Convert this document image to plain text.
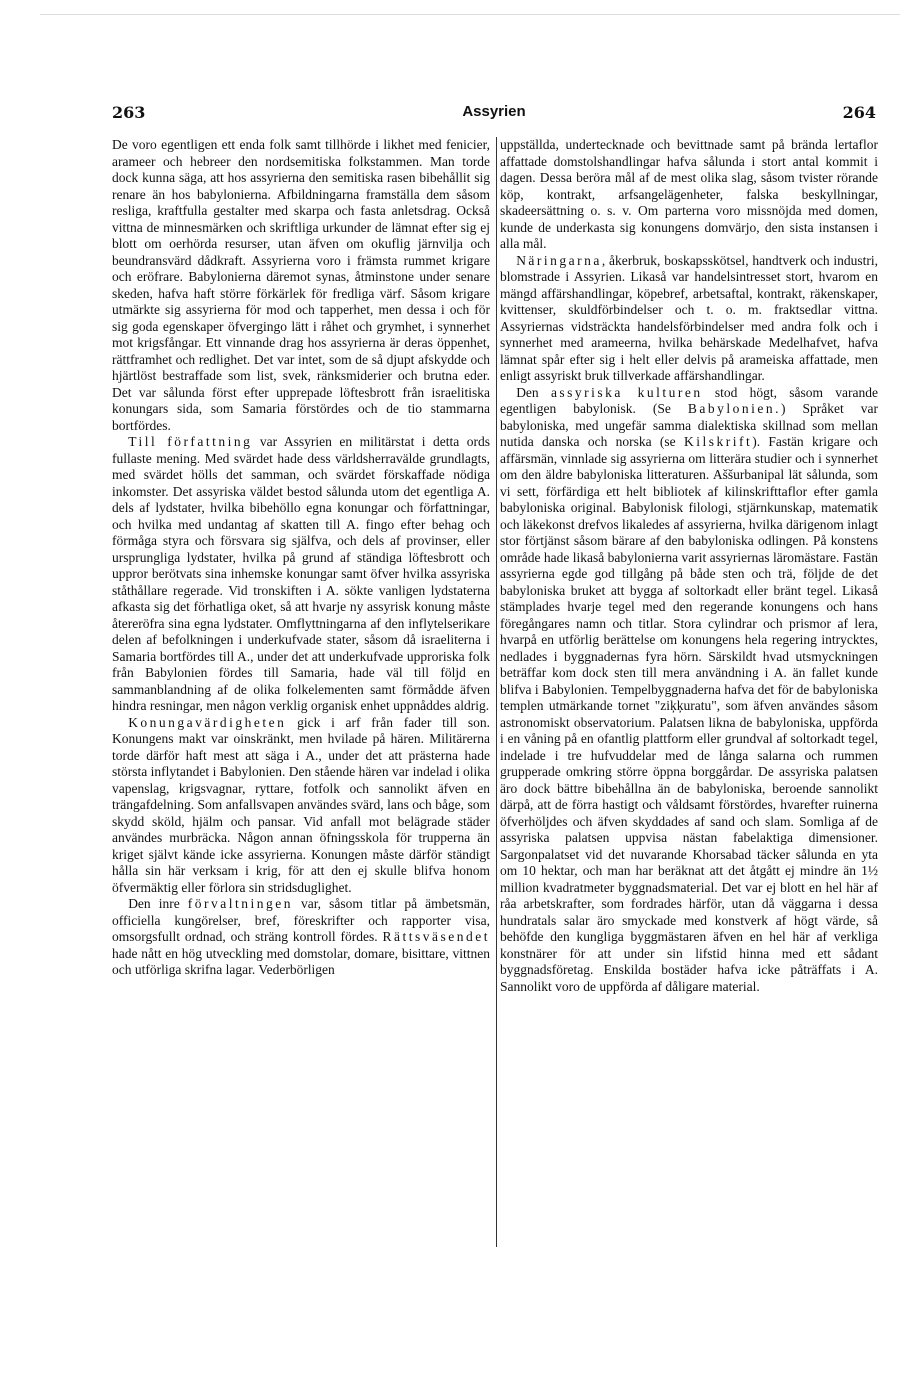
263	Assyrien	264

De voro egentligen ett enda folk samt tillhörde i likhet med fenicier, arameer och hebreer den nordsemitiska folkstammen. Man torde dock kunna säga, att hos assyrierna den semitiska rasen bibehållit sig renare än hos babylonierna. Afbildningarna framställa dem såsom resliga, kraftfulla gestalter med skarpa och fasta anletsdrag. Också vittna de minnesmärken och skriftliga urkunder de lämnat efter sig ej blott om oerhörda resurser, utan äfven om okuflig järnvilja och beundransvärd dådkraft. Assyrierna voro i främsta rummet krigare och eröfrare. Babylonierna däremot synas, åtminstone under senare skeden, hafva haft större förkärlek för fredliga värf. Såsom krigare utmärkte sig assyrierna för mod och tapperhet, men dessa i och för sig goda egenskaper öfvergingo lätt i råhet och grymhet, i synnerhet mot krigsfångar. Ett vinnande drag hos assyrierna är deras öppenhet, rättframhet och redlighet. Det var intet, som de så djupt afskydde och hjärtlöst bestraffade som list, svek, ränksmiderier och brutna eder. Det var sålunda först efter upprepade löftesbrott från israelitiska konungars sida, som Samaria förstördes och de tio stammarna bortfördes.

Till författning var Assyrien en militärstat i detta ords fullaste mening. Med svärdet hade dess världsherravälde grundlagts, med svärdet hölls det samman, och svärdet förskaffade nödiga inkomster. Det assyriska väldet bestod sålunda utom det egentliga A. dels af lydstater, hvilka bibehöllo egna konungar och författningar, och hvilka med undantag af skatten till A. fingo efter behag och förmåga styra och försvara sig själfva, och dels af provinser, eller ursprungliga lydstater, hvilka på grund af ständiga löftesbrott och uppror berötvats sina inhemske konungar samt öfver hvilka assyriska ståthållare regerade. Vid tronskiften i A. sökte vanligen lydstaterna afkasta sig det förhatliga oket, så att hvarje ny assyrisk konung måste återeröfra sina egna lydstater. Omflyttningarna af den inflytelserikare delen af befolkningen i underkufvade stater, såsom då israeliterna i Samaria bortfördes till A., under det att underkufvade upproriska folk från Babylonien fördes till Samaria, hade väl till följd en sammanblandning af de olika folkelementen samt förmådde äfven hindra resningar, men någon verklig organisk enhet uppnåddes aldrig.

Konungavärdigheten gick i arf från fader till son. Konungens makt var oinskränkt, men hvilade på hären. Militärerna torde därför haft mest att säga i A., under det att prästerna hade största inflytandet i Babylonien. Den stående hären var indelad i olika vapenslag, krigsvagnar, ryttare, fotfolk och sannolikt äfven en trängafdelning. Som anfallsvapen användes svärd, lans och båge, som skydd sköld, hjälm och pansar. Vid anfall mot belägrade städer användes murbräcka. Någon annan öfningsskola för trupperna än kriget självt kände icke assyrierna. Konungen måste därför ständigt hålla sin här verksam i krig, för att den ej skulle blifva honom öfvermäktig eller förlora sin stridsduglighet.

Den inre förvaltningen var, såsom titlar på ämbetsmän, officiella kungörelser, bref, föreskrifter och rapporter visa, omsorgsfullt ordnad, och sträng kontroll fördes. Rättsväsendet hade nått en hög utveckling med domstolar, domare, bisittare, vittnen och utförliga skrifna lagar. Vederbörligen

uppställda, undertecknade och bevittnade samt på brända lertaflor affattade domstolshandlingar hafva sålunda i stort antal kommit i dagen. Dessa beröra mål af de mest olika slag, såsom tvister rörande köp, kontrakt, arfsangelägenheter, falska beskyllningar, skadeersättning o. s. v. Om parterna voro missnöjda med domen, kunde de underkasta sig konungens domvärjo, den sista instansen i alla mål.

Näringarna, åkerbruk, boskapsskötsel, handtverk och industri, blomstrade i Assyrien. Likaså var handelsintresset stort, hvarom en mängd affärshandlingar, köpebref, arbetsaftal, kontrakt, räkenskaper, kvittenser, skuldförbindelser och t. o. m. fraktsedlar vittna. Assyriernas vidsträckta handelsförbindelser med andra folk och i synnerhet med arameerna, hvilka behärskade Medelhafvet, hafva lämnat spår efter sig i helt eller delvis på arameiska affattade, men enligt assyriskt bruk tillverkade affärshandlingar.

Den assyriska kulturen stod högt, såsom varande egentligen babylonisk. (Se Babylonien.) Språket var babyloniska, med ungefär samma dialektiska skillnad som mellan nutida danska och norska (se Kilskrift). Fastän krigare och affärsmän, vinnlade sig assyrierna om litterära studier och i synnerhet om den äldre babyloniska litteraturen. Aššurbanipal lät sålunda, som vi sett, förfärdiga ett helt bibliotek af kilinskrifttaflor efter gamla babyloniska original. Babylonisk filologi, stjärnkunskap, matematik och läkekonst drefvos likaledes af assyrierna, hvilka därigenom inlagt stor förtjänst såsom bärare af den babyloniska odlingen. På konstens område hade likaså babylonierna varit assyriernas läromästare. Fastän assyrierna egde god tillgång på både sten och trä, följde de det babyloniska bruket att bygga af soltorkadt eller bränt tegel. Likaså stämplades hvarje tegel med den regerande konungens och hans föregångares namn och titlar. Stora cylindrar och prismor af lera, hvarpå en utförlig berättelse om konungens hela regering intrycktes, nedlades i byggnadernas fyra hörn. Särskildt hvad utsmyckningen beträffar kom dock sten till mera användning i A. än fallet kunde blifva i Babylonien. Tempelbyggnaderna hafva det för de babyloniska templen utmärkande tornet "ziķķuratu", som äfven användes såsom astronomiskt observatorium. Palatsen likna de babyloniska, uppförda i en våning på en ofantlig plattform eller grundval af soltorkadt tegel, indelade i tre hufvuddelar med de långa salarna och rummen grupperade omkring större öppna borggårdar. De assyriska palatsen äro dock bättre bibehållna än de babyloniska, beroende sannolikt därpå, att de förra hastigt och våldsamt förstördes, hvarefter ruinerna öfverhöljdes och äfven skyddades af sand och slam. Somliga af de assyriska palatsen uppvisa nästan fabelaktiga dimensioner. Sargonpalatset vid det nuvarande Khorsabad täcker sålunda en yta om 10 hektar, och man har beräknat att det åtgått ej mindre än 1½ million kvadratmeter byggnadsmaterial. Det var ej blott en hel här af råa arbetskrafter, som fordrades härför, utan då väggarna i dessa hundratals salar äro smyckade med konstverk af högt värde, så behöfde den kungliga byggmästaren äfven en hel här af verkliga konstnärer för att under sin lifstid hinna med ett sådant byggnadsföretag. Enskilda bostäder hafva icke påträffats i A. Sannolikt voro de uppförda af dåligare material.
